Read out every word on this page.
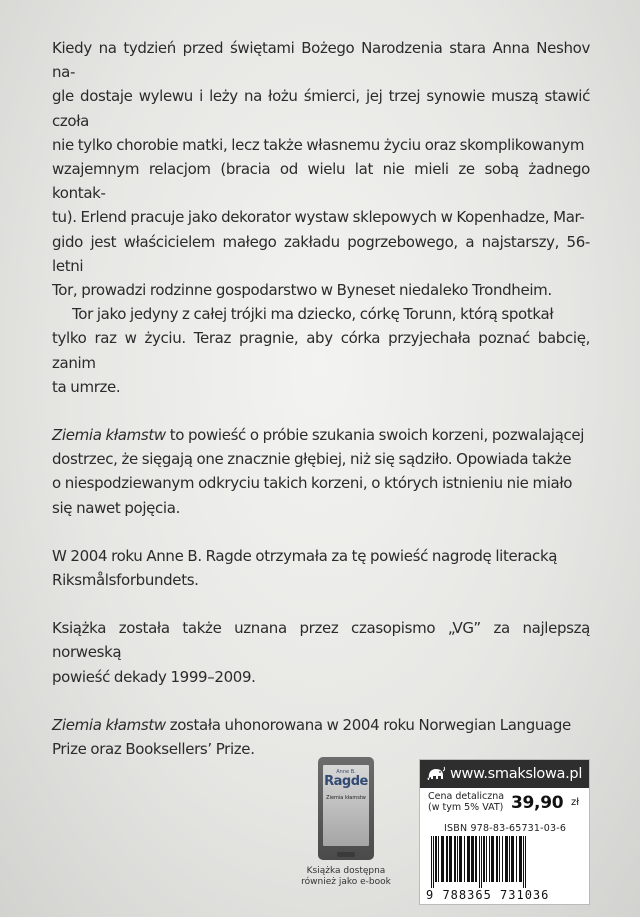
Kiedy na tydzień przed świętami Bożego Narodzenia stara Anna Neshov na-
gle dostaje wylewu i leży na łożu śmierci, jej trzej synowie muszą stawić czoła
nie tylko chorobie matki, lecz także własnemu życiu oraz skomplikowanym
wzajemnym relacjom (bracia od wielu lat nie mieli ze sobą żadnego kontak-
tu). Erlend pracuje jako dekorator wystaw sklepowych w Kopenhadze, Mar-
gido jest właścicielem małego zakładu pogrzebowego, a najstarszy, 56-letni
Tor, prowadzi rodzinne gospodarstwo w Byneset niedaleko Trondheim.
Tor jako jedyny z całej trójki ma dziecko, córkę Torunn, którą spotkał
tylko raz w życiu. Teraz pragnie, aby córka przyjechała poznać babcię, zanim
ta umrze.

Ziemia kłamstw to powieść o próbie szukania swoich korzeni, pozwalającej
dostrzec, że sięgają one znacznie głębiej, niż się sądziło. Opowiada także
o niespodziewanym odkryciu takich korzeni, o których istnieniu nie miało
się nawet pojęcia.

W 2004 roku Anne B. Ragde otrzymała za tę powieść nagrodę literacką
Riksmålsforbundets.

Książka została także uznana przez czasopismo „VG” za najlepszą norweską
powieść dekady 1999–2009.

Ziemia kłamstw została uhonorowana w 2004 roku Norwegian Language
Prize oraz Booksellers’ Prize.

Anne B.
Ragde
Ziemia kłamstw
Książka dostępna
również jako e-book
www.smakslowa.pl
Cena detaliczna
(w tym 5% VAT) 39,90 zł
ISBN 978-83-65731-03-6
9 788365 731036
